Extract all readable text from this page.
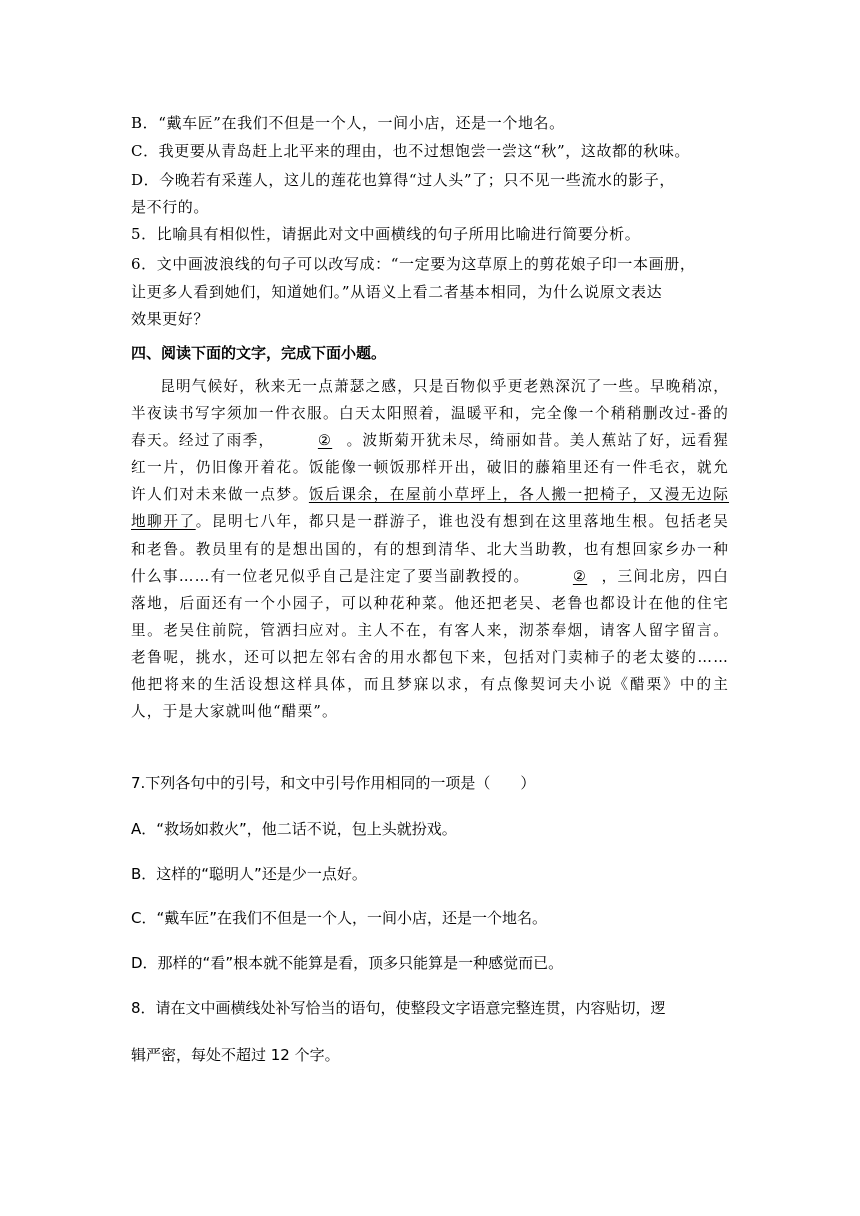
B．“戴车匠”在我们不但是一个人，一间小店，还是一个地名。
C．我更要从青岛赶上北平来的理由，也不过想饱尝一尝这“秋”，这故都的秋味。
D．今晚若有采莲人，这儿的莲花也算得“过人头”了；只不见一些流水的影子，
是不行的。
5．比喻具有相似性，请据此对文中画横线的句子所用比喻进行简要分析。
6．文中画波浪线的句子可以改写成：“一定要为这草原上的剪花娘子印一本画册，
让更多人看到她们，知道她们。”从语义上看二者基本相同，为什么说原文表达
效果更好？
四、阅读下面的文字，完成下面小题。

昆明气候好，秋来无一点萧瑟之感，只是百物似乎更老熟深沉了一些。早晚稍凉，半夜读书写字须加一件衣服。白天太阳照着，温暖平和，完全像一个稍稍删改过-番的春天。经过了雨季，	② 。波斯菊开犹未尽，绮丽如昔。美人蕉站了好，远看猩红一片，仍旧像开着花。饭能像一顿饭那样开出，破旧的藤箱里还有一件毛衣，就允许人们对未来做一点梦。饭后课余，在屋前小草坪上，各人搬一把椅子，又漫无边际地聊开了。昆明七八年，都只是一群游子，谁也没有想到在这里落地生根。包括老吴和老鲁。教员里有的是想出国的，有的想到清华、北大当助教，也有想回家乡办一种什么事……有一位老兄似乎自己是注定了要当副教授的。	② ，三间北房，四白落地，后面还有一个小园子，可以种花种菜。他还把老吴、老鲁也都设计在他的住宅里。老吴住前院，管洒扫应对。主人不在，有客人来，沏茶奉烟，请客人留字留言。老鲁呢，挑水，还可以把左邻右舍的用水都包下来，包括对门卖柿子的老太婆的……他把将来的生活设想这样具体，而且梦寐以求，有点像契诃夫小说《醋栗》中的主人，于是大家就叫他“醋栗”。

7.下列各句中的引号，和文中引号作用相同的一项是（　　）
A．“救场如救火”，他二话不说，包上头就扮戏。
B．这样的“聪明人”还是少一点好。
C．“戴车匠”在我们不但是一个人，一间小店，还是一个地名。
D．那样的“看”根本就不能算是看，顶多只能算是一种感觉而已。
8．请在文中画横线处补写恰当的语句，使整段文字语意完整连贯，内容贴切，逻
辑严密，每处不超过 12 个字。
